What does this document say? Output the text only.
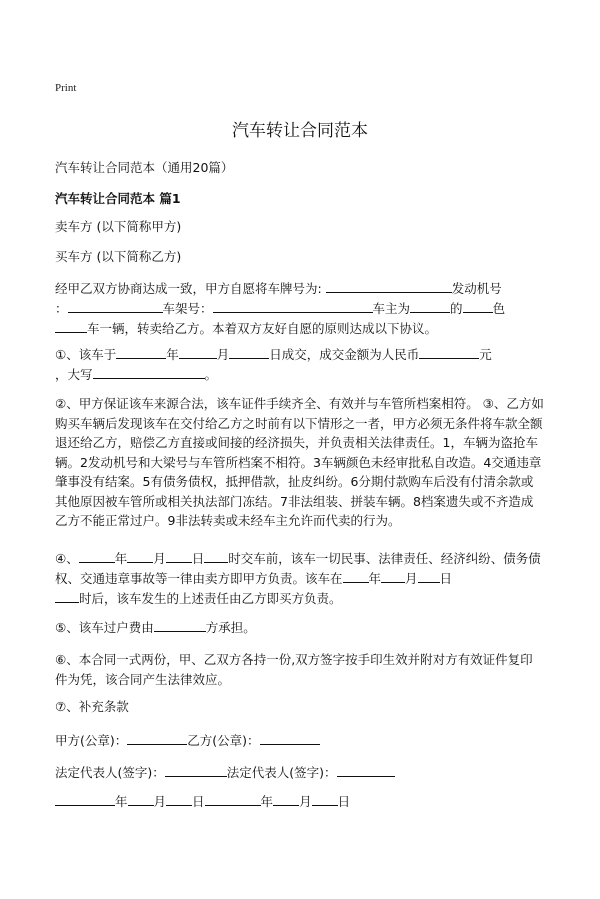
Print
汽车转让合同范本
汽车转让合同范本（通用20篇）
汽车转让合同范本 篇1

卖车方 (以下简称甲方)

买车方 (以下简称乙方)

经甲乙双方协商达成一致，甲方自愿将车牌号为:	发动机号
：	车架号：	车主为	的 色
车一辆，转卖给乙方。本着双方友好自愿的原则达成以下协议。

①、该车于	年	月	日成交，成交金额为人民币	元
，大写	。

②、甲方保证该车来源合法，该车证件手续齐全、有效并与车管所档案相符。 ③、乙方如购买车辆后发现该车在交付给乙方之时前有以下情形之一者，甲方必须无条件将车款全额退还给乙方，赔偿乙方直接或间接的经济损失，并负责相关法律责任。1，车辆为盗抢车辆。2发动机号和大梁号与车管所档案不相符。3车辆颜色未经审批私自改造。4交通违章肇事没有结案。5有债务债权，抵押借款，扯皮纠纷。6分期付款购车后没有付清余款或其他原因被车管所或相关执法部门冻结。7非法组装、拼装车辆。8档案遗失或不齐造成乙方不能正常过户。9非法转卖或未经车主允许而代卖的行为。

④、	年 月 日 时交车前，该车一切民事、法律责任、经济纠纷、债务债权、交通违章事故等一律由卖方即甲方负责。该车在 年 月 日
时后，该车发生的上述责任由乙方即买方负责。

⑤、该车过户费由	方承担。

⑥、本合同一式两份，甲、乙双方各持一份,双方签字按手印生效并附对方有效证件复印件为凭，该合同产生法律效应。

⑦、补充条款

甲方(公章)：	乙方(公章)：

法定代表人(签字)：	法定代表人(签字)：

年 月 日	年 月 日
